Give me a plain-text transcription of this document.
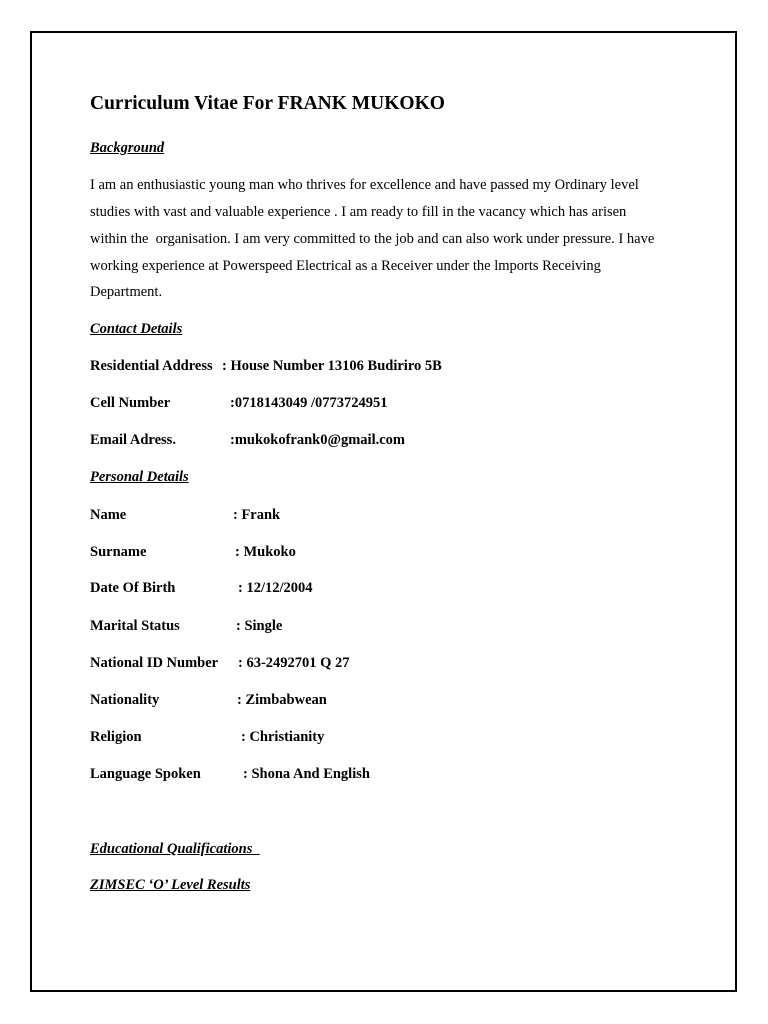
Curriculum Vitae For FRANK MUKOKO
Background
I am an enthusiastic young man who thrives for excellence and have passed my Ordinary level
studies with vast and valuable experience . I am ready to fill in the vacancy which has arisen
within the  organisation. I am very committed to the job and can also work under pressure. I have
working experience at Powerspeed Electrical as a Receiver under the lmports Receiving
Department.
Contact Details
Residential Address : House Number 13106 Budiriro 5B
Cell Number	:0718143049 /0773724951
Email Adress.	:mukokofrank0@gmail.com
Personal Details
Name	: Frank
Surname	: Mukoko
Date Of Birth	: 12/12/2004
Marital Status	: Single
National ID Number : 63-2492701 Q 27
Nationality	: Zimbabwean
Religion	: Christianity
Language Spoken	: Shona And English
Educational Qualifications
ZIMSEC ‘O’ Level Results
